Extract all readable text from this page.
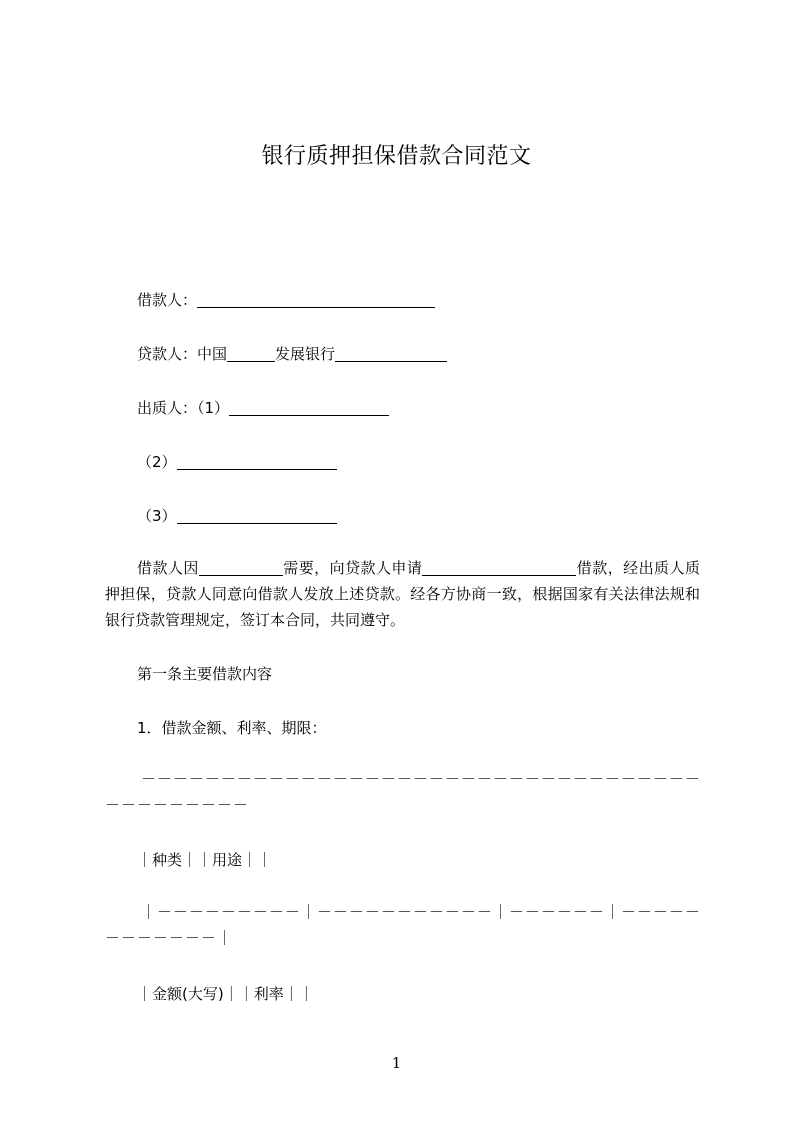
银行质押担保借款合同范文
借款人：
贷款人：中国	发展银行
出质人：（1）
（2）
（3）

借款人因	需要，向贷款人申请	借款，经出质人质押担保，贷款人同意向借款人发放上述贷款。经各方协商一致，根据国家有关法律法规和银行贷款管理规定，签订本合同，共同遵守。

第一条主要借款内容
1．借款金额、利率、期限：
－－－－－－－－－－－－－－－－－－－－－－－－－－－－－－－－－－－－－－－－－－－－
｜种类｜｜用途｜｜
｜－－－－－－－－－｜－－－－－－－－－－－｜－－－－－－｜－－－－－－－－－－－－｜
｜金额(大写)｜｜利率｜｜
1
